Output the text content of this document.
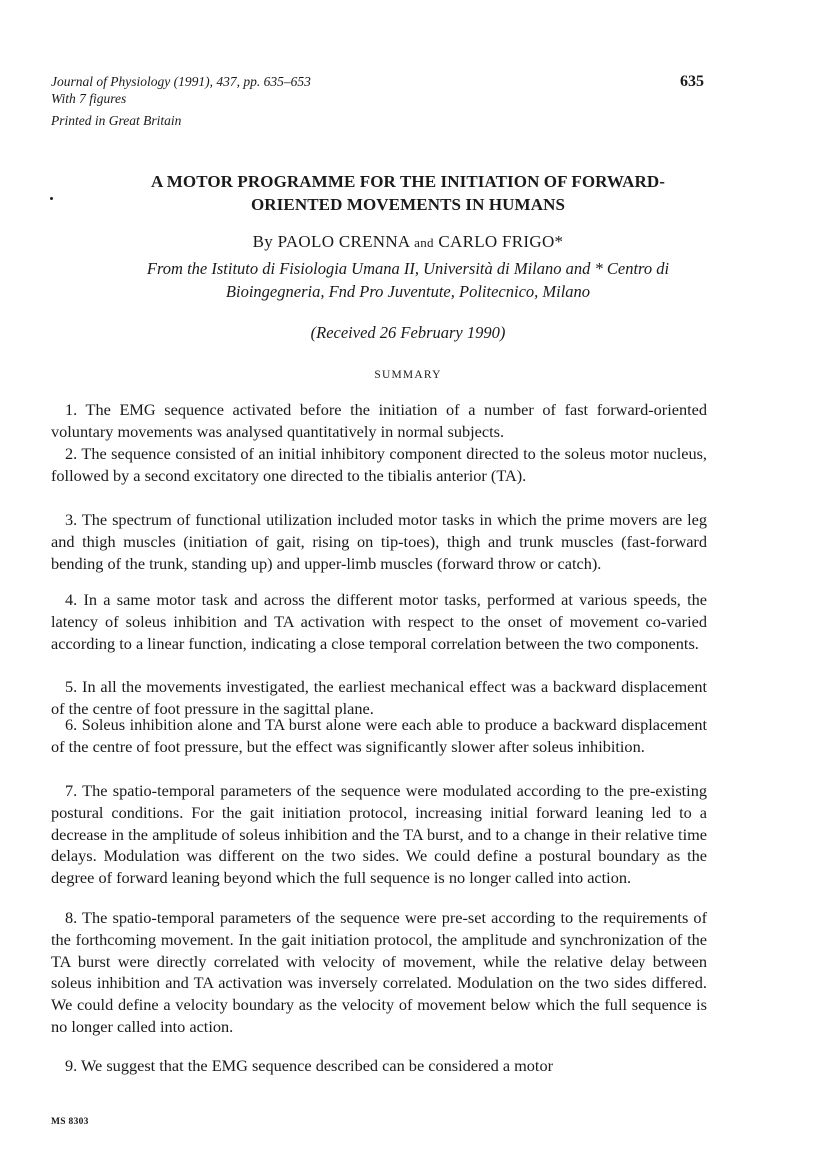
Journal of Physiology (1991), 437, pp. 635–653
With 7 figures
Printed in Great Britain
635
A MOTOR PROGRAMME FOR THE INITIATION OF FORWARD-
ORIENTED MOVEMENTS IN HUMANS
By PAOLO CRENNA and CARLO FRIGO*
From the Istituto di Fisiologia Umana II, Università di Milano and * Centro di
Bioingegneria, Fnd Pro Juventute, Politecnico, Milano
(Received 26 February 1990)
SUMMARY
1. The EMG sequence activated before the initiation of a number of fast forward-oriented voluntary movements was analysed quantitatively in normal subjects.
2. The sequence consisted of an initial inhibitory component directed to the soleus motor nucleus, followed by a second excitatory one directed to the tibialis anterior (TA).
3. The spectrum of functional utilization included motor tasks in which the prime movers are leg and thigh muscles (initiation of gait, rising on tip-toes), thigh and trunk muscles (fast-forward bending of the trunk, standing up) and upper-limb muscles (forward throw or catch).
4. In a same motor task and across the different motor tasks, performed at various speeds, the latency of soleus inhibition and TA activation with respect to the onset of movement co-varied according to a linear function, indicating a close temporal correlation between the two components.
5. In all the movements investigated, the earliest mechanical effect was a backward displacement of the centre of foot pressure in the sagittal plane.
6. Soleus inhibition alone and TA burst alone were each able to produce a backward displacement of the centre of foot pressure, but the effect was significantly slower after soleus inhibition.
7. The spatio-temporal parameters of the sequence were modulated according to the pre-existing postural conditions. For the gait initiation protocol, increasing initial forward leaning led to a decrease in the amplitude of soleus inhibition and the TA burst, and to a change in their relative time delays. Modulation was different on the two sides. We could define a postural boundary as the degree of forward leaning beyond which the full sequence is no longer called into action.
8. The spatio-temporal parameters of the sequence were pre-set according to the requirements of the forthcoming movement. In the gait initiation protocol, the amplitude and synchronization of the TA burst were directly correlated with velocity of movement, while the relative delay between soleus inhibition and TA activation was inversely correlated. Modulation on the two sides differed. We could define a velocity boundary as the velocity of movement below which the full sequence is no longer called into action.
9. We suggest that the EMG sequence described can be considered a motor
MS 8303
